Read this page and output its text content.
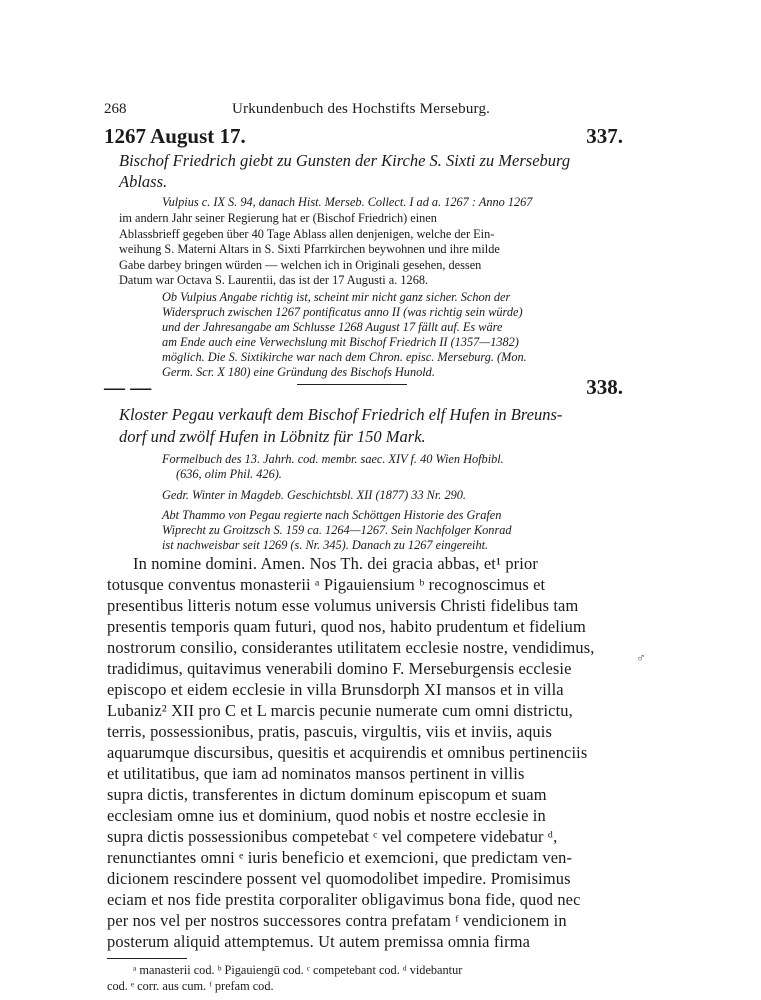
268	Urkundenbuch des Hochstifts Merseburg.
1267 August 17.	337.
Bischof Friedrich giebt zu Gunsten der Kirche S. Sixti zu Merseburg
Ablass.
Vulpius c. IX S. 94, danach Hist. Merseb. Collect. I ad a. 1267 : Anno 1267
im andern Jahr seiner Regierung hat er (Bischof Friedrich) einen
Ablassbrieff gegeben über 40 Tage Ablass allen denjenigen, welche der Ein-
weihung S. Materni Altars in S. Sixti Pfarrkirchen beywohnen und ihre milde
Gabe darbey bringen würden — welchen ich in Originali gesehen, dessen
Datum war Octava S. Laurentii, das ist der 17 Augusti a. 1268.
Ob Vulpius Angabe richtig ist, scheint mir nicht ganz sicher. Schon der
Widerspruch zwischen 1267 pontificatus anno II (was richtig sein würde)
und der Jahresangabe am Schlusse 1268 August 17 fällt auf. Es wäre
am Ende auch eine Verwechslung mit Bischof Friedrich II (1357—1382)
möglich. Die S. Sixtikirche war nach dem Chron. episc. Merseburg. (Mon.
Germ. Scr. X 180) eine Gründung des Bischofs Hunold.
— —	338.
Kloster Pegau verkauft dem Bischof Friedrich elf Hufen in Breuns-
dorf und zwölf Hufen in Löbnitz für 150 Mark.
Formelbuch des 13. Jahrh. cod. membr. saec. XIV f. 40 Wien Hofbibl.
(636, olim Phil. 426).
Gedr. Winter in Magdeb. Geschichtsbl. XII (1877) 33 Nr. 290.
Abt Thammo von Pegau regierte nach Schöttgen Historie des Grafen
Wiprecht zu Groitzsch S. 159 ca. 1264—1267. Sein Nachfolger Konrad
ist nachweisbar seit 1269 (s. Nr. 345). Danach zu 1267 eingereiht.
In nomine domini. Amen. Nos Th. dei gracia abbas, et¹ prior
totusque conventus monasterii ᵃ Pigauiensium ᵇ recognoscimus et
presentibus litteris notum esse volumus universis Christi fidelibus tam
presentis temporis quam futuri, quod nos, habito prudentum et fidelium
nostrorum consilio, considerantes utilitatem ecclesie nostre, vendidimus,
tradidimus, quitavimus venerabili domino F. Merseburgensis ecclesie
episcopo et eidem ecclesie in villa Brunsdorph XI mansos et in villa
Lubaniz² XII pro C et L marcis pecunie numerate cum omni districtu,
terris, possessionibus, pratis, pascuis, virgultis, viis et inviis, aquis
aquarumque discursibus, quesitis et acquirendis et omnibus pertinenciis
et utilitatibus, que iam ad nominatos mansos pertinent in villis
supra dictis, transferentes in dictum dominum episcopum et suam
ecclesiam omne ius et dominium, quod nobis et nostre ecclesie in
supra dictis possessionibus competebat ᶜ vel competere videbatur ᵈ,
renunctiantes omni ᵉ iuris beneficio et exemcioni, que predictam ven-
dicionem rescindere possent vel quomodolibet impedire. Promisimus
eciam et nos fide prestita corporaliter obligavimus bona fide, quod nec
per nos vel per nostros successores contra prefatam ᶠ vendicionem in
posterum aliquid attemptemus. Ut autem premissa omnia firma
♂
ᵃ manasterii cod. ᵇ Pigauiengū cod. ᶜ competebant cod. ᵈ videbantur
cod. ᵉ corr. aus cum. ᶠ prefam cod.
